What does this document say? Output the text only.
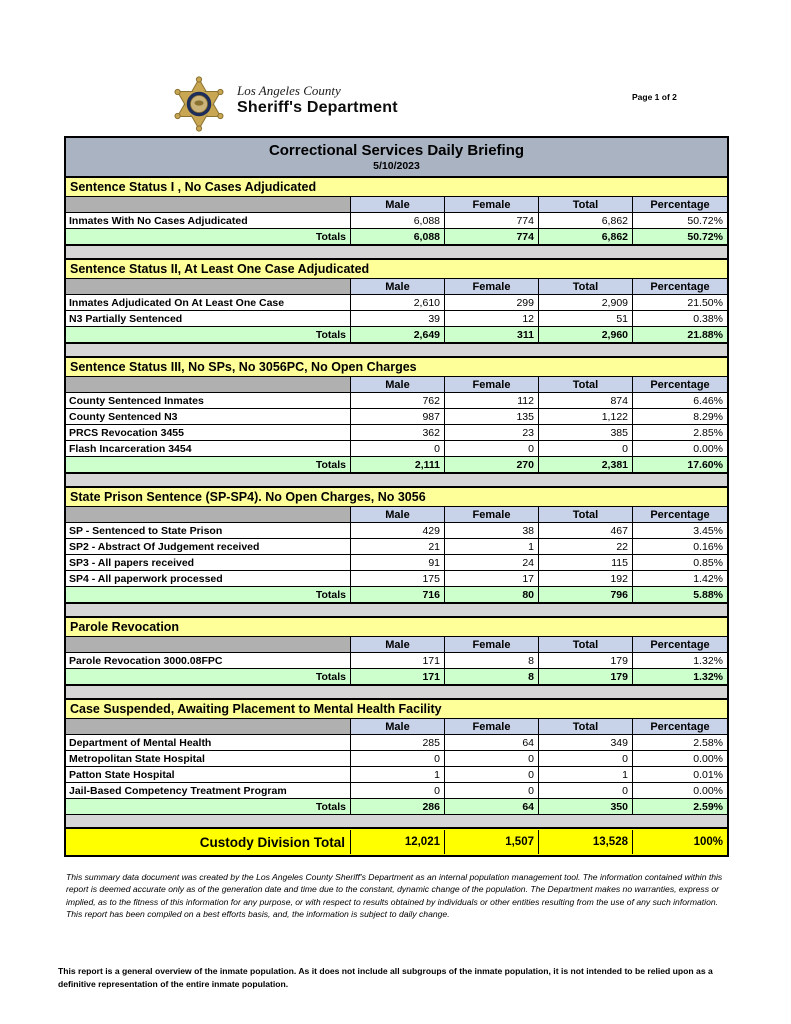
.
Los Angeles County
Sheriff's Department
Page 1 of 2
Correctional Services Daily Briefing
5/10/2023
Sentence Status I , No Cases Adjudicated
Male	Female	Total	Percentage
Inmates With No Cases Adjudicated	6,088	774	6,862	50.72%
Totals	6,088	774	6,862	50.72%
Sentence Status II, At Least One Case Adjudicated
Male	Female	Total	Percentage
Inmates Adjudicated On At Least One Case	2,610	299	2,909	21.50%
N3 Partially Sentenced	39	12	51	0.38%
Totals	2,649	311	2,960	21.88%
Sentence Status III, No SPs, No 3056PC, No Open Charges
Male	Female	Total	Percentage
County Sentenced Inmates	762	112	874	6.46%
County Sentenced N3	987	135	1,122	8.29%
PRCS Revocation 3455	362	23	385	2.85%
Flash Incarceration 3454	0	0	0	0.00%
Totals	2,111	270	2,381	17.60%
State Prison Sentence (SP-SP4). No Open Charges, No 3056
Male	Female	Total	Percentage
SP - Sentenced to State Prison	429	38	467	3.45%
SP2 - Abstract Of Judgement received	21	1	22	0.16%
SP3 - All papers received	91	24	115	0.85%
SP4 - All paperwork processed	175	17	192	1.42%
Totals	716	80	796	5.88%
Parole Revocation
Male	Female	Total	Percentage
Parole Revocation 3000.08FPC	171	8	179	1.32%
Totals	171	8	179	1.32%
Case Suspended, Awaiting Placement to Mental Health Facility
Male	Female	Total	Percentage
Department of Mental Health	285	64	349	2.58%
Metropolitan State Hospital	0	0	0	0.00%
Patton State Hospital	1	0	1	0.01%
Jail-Based Competency Treatment Program	0	0	0	0.00%
Totals	286	64	350	2.59%
Custody Division Total	12,021	1,507	13,528	100%

This summary data document was created by the Los Angeles County Sheriff's Department as an internal population management tool. The information contained within this report is deemed accurate only as of the generation date and time due to the constant, dynamic change of the population. The Department makes no warranties, express or implied, as to the fitness of this information for any purpose, or with respect to results obtained by individuals or other entities resulting from the use of any such information. This report has been compiled on a best efforts basis, and, the information is subject to daily change.

This report is a general overview of the inmate population. As it does not include all subgroups of the inmate population, it is not intended to be relied upon as a definitive representation of the entire inmate population.
